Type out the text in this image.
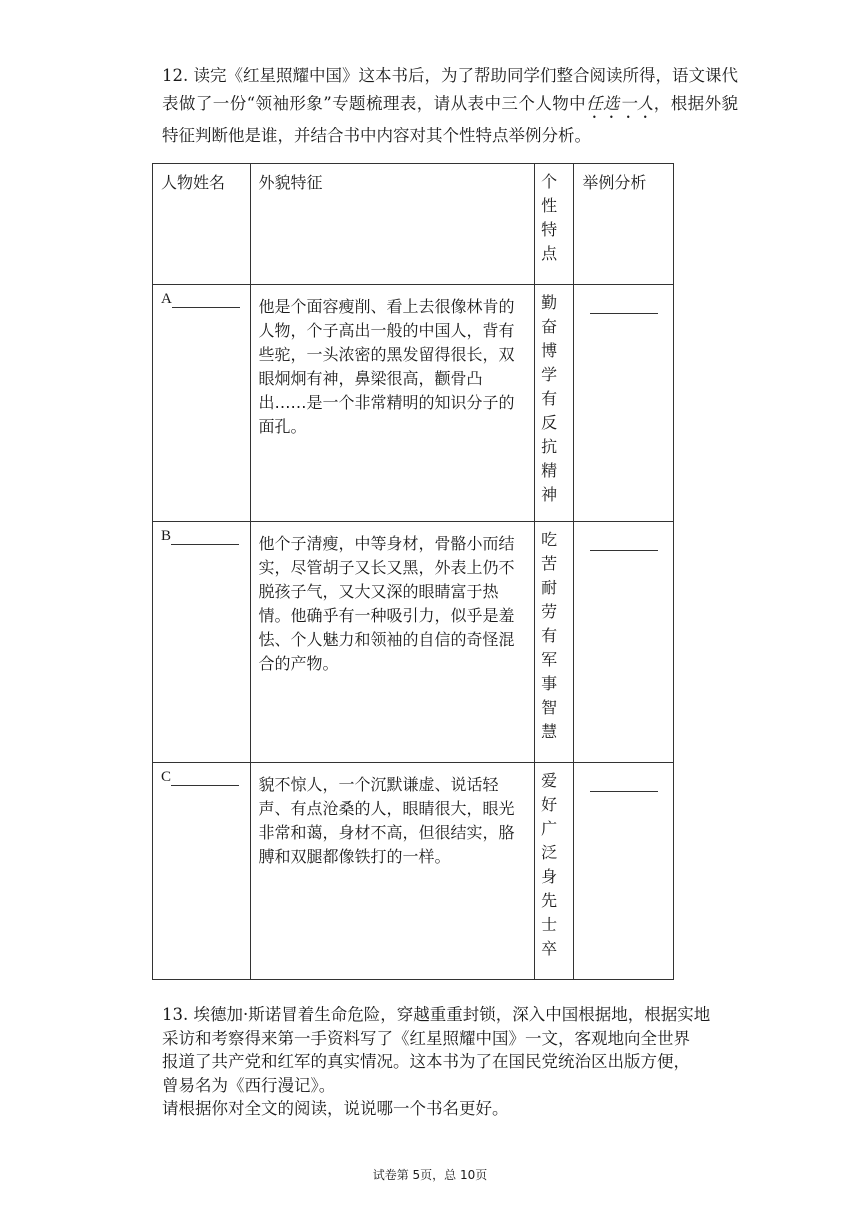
12. 读完《红星照耀中国》这本书后，为了帮助同学们整合阅读所得，语文课代表做了一份“领袖形象”专题梳理表，请从表中三个人物中任选一人，根据外貌特征判断他是谁，并结合书中内容对其个性特点举例分析。

人物姓名	外貌特征	个性特点	举例分析
A	他是个面容瘦削、看上去很像林肯的人物，个子高出一般的中国人，背有些驼，一头浓密的黑发留得很长，双眼炯炯有神，鼻梁很高，颧骨凸出……是一个非常精明的知识分子的面孔。	勤奋博学有反抗精神	

B	他个子清瘦，中等身材，骨骼小而结实，尽管胡子又长又黑，外表上仍不脱孩子气，又大又深的眼睛富于热情。他确乎有一种吸引力，似乎是羞怯、个人魅力和领袖的自信的奇怪混合的产物。	吃苦耐劳有军事智慧	

C	貌不惊人，一个沉默谦虚、说话轻声、有点沧桑的人，眼睛很大，眼光非常和蔼，身材不高，但很结实，胳膊和双腿都像铁打的一样。	爱好广泛身先士卒	

13. 埃德加·斯诺冒着生命危险，穿越重重封锁，深入中国根据地，根据实地

采访和考察得来第一手资料写了《红星照耀中国》一文，客观地向全世界

报道了共产党和红军的真实情况。这本书为了在国民党统治区出版方便，

曾易名为《西行漫记》。

请根据你对全文的阅读，说说哪一个书名更好。

试卷第 5页，总 10页
